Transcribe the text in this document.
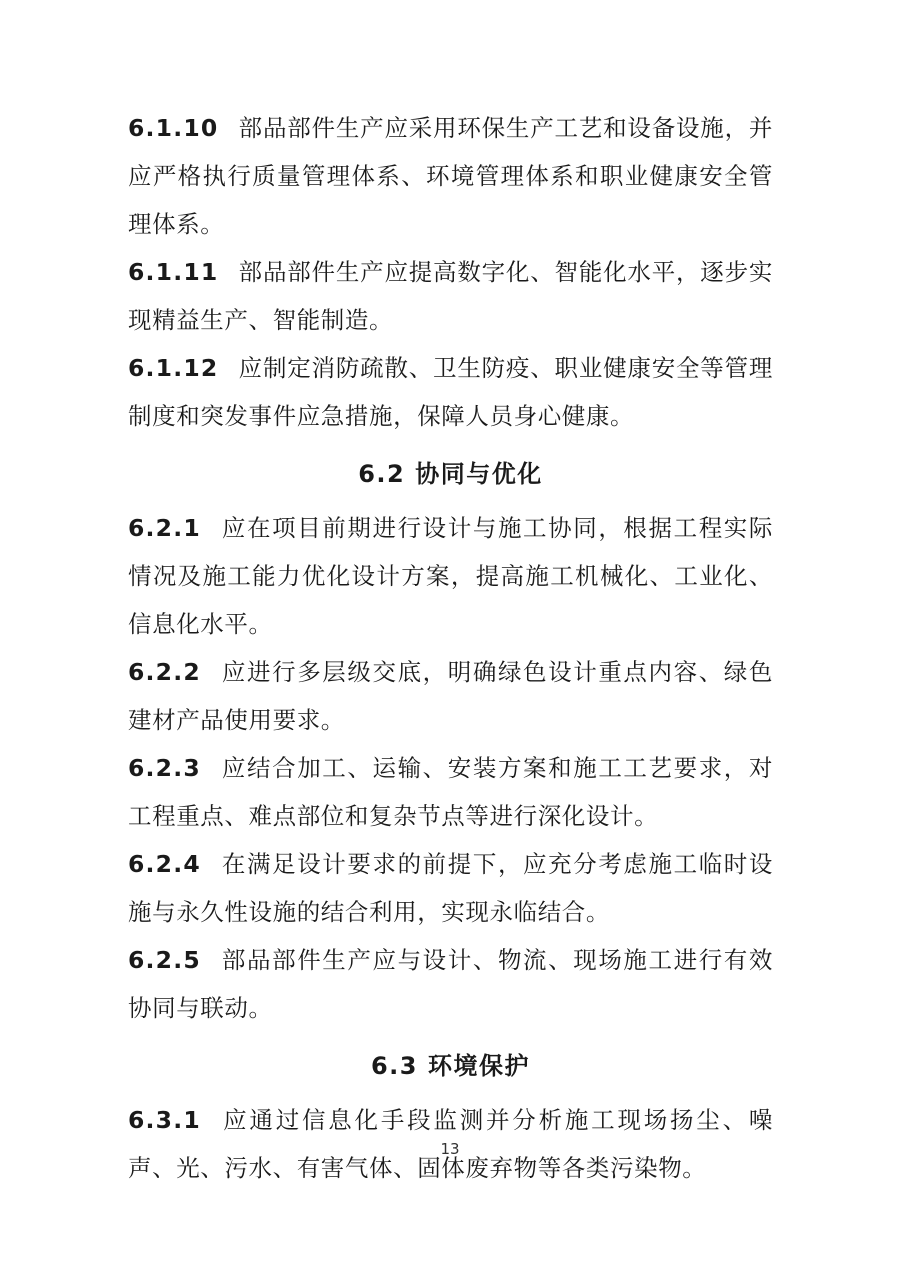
6.1.10 部品部件生产应采用环保生产工艺和设备设施，并应严格执行质量管理体系、环境管理体系和职业健康安全管理体系。

6.1.11 部品部件生产应提高数字化、智能化水平，逐步实现精益生产、智能制造。

6.1.12 应制定消防疏散、卫生防疫、职业健康安全等管理制度和突发事件应急措施，保障人员身心健康。

6.2 协同与优化

6.2.1 应在项目前期进行设计与施工协同，根据工程实际情况及施工能力优化设计方案，提高施工机械化、工业化、信息化水平。

6.2.2 应进行多层级交底，明确绿色设计重点内容、绿色建材产品使用要求。

6.2.3 应结合加工、运输、安装方案和施工工艺要求，对工程重点、难点部位和复杂节点等进行深化设计。

6.2.4 在满足设计要求的前提下，应充分考虑施工临时设施与永久性设施的结合利用，实现永临结合。

6.2.5 部品部件生产应与设计、物流、现场施工进行有效协同与联动。

6.3 环境保护

6.3.1 应通过信息化手段监测并分析施工现场扬尘、噪声、光、污水、有害气体、固体废弃物等各类污染物。

13
